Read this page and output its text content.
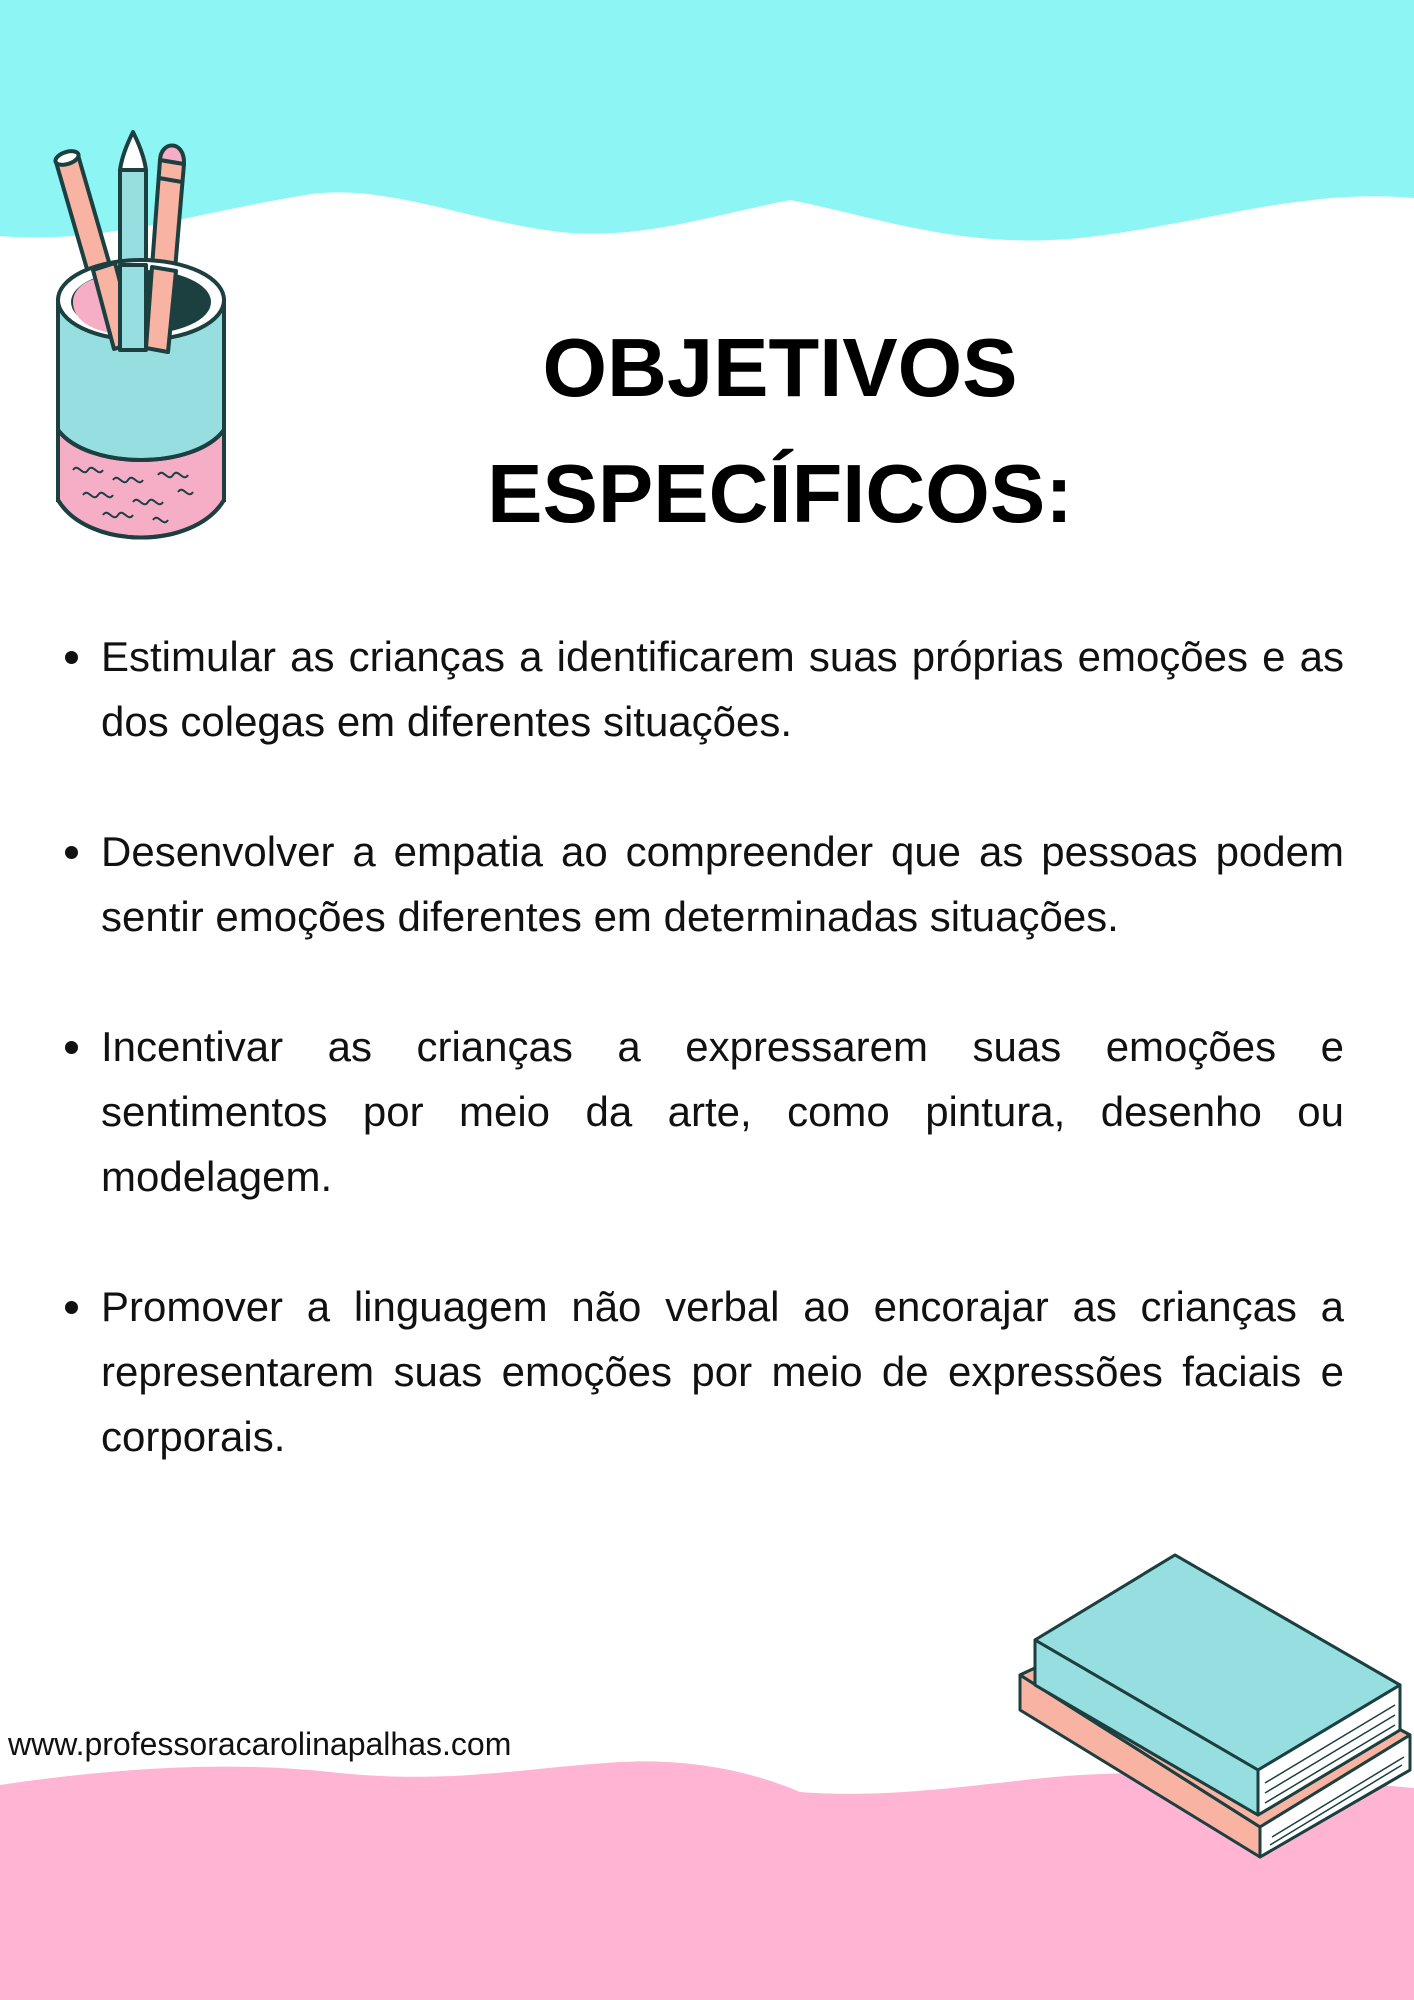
OBJETIVOS
ESPECÍFICOS:
Estimular as crianças a identificarem suas próprias emoções e as dos colegas em diferentes situações.
Desenvolver a empatia ao compreender que as pessoas podem sentir emoções diferentes em determinadas situações.
Incentivar as crianças a expressarem suas emoções e sentimentos por meio da arte, como pintura, desenho ou modelagem.
Promover a linguagem não verbal ao encorajar as crianças a representarem suas emoções por meio de expressões faciais e corporais.
www.professoracarolinapalhas.com
